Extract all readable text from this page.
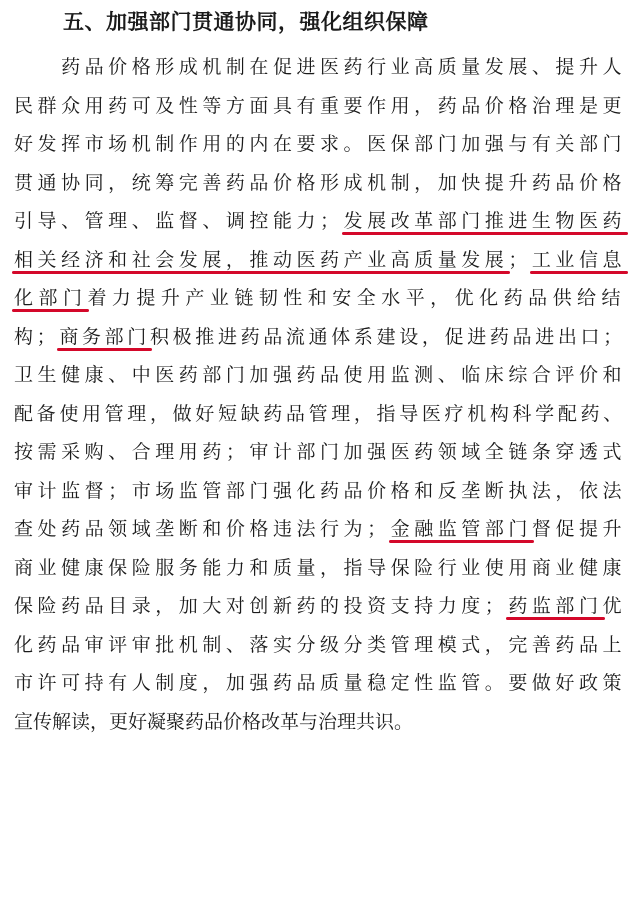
五、加强部门贯通协同，强化组织保障
　　药品价格形成机制在促进医药行业高质量发展、提升人
民群众用药可及性等方面具有重要作用，药品价格治理是更
好发挥市场机制作用的内在要求。医保部门加强与有关部门
贯通协同，统筹完善药品价格形成机制，加快提升药品价格
引导、管理、监督、调控能力；发展改革部门推进生物医药
相关经济和社会发展，推动医药产业高质量发展；工业信息
化部门着力提升产业链韧性和安全水平，优化药品供给结
构；商务部门积极推进药品流通体系建设，促进药品进出口；
卫生健康、中医药部门加强药品使用监测、临床综合评价和
配备使用管理，做好短缺药品管理，指导医疗机构科学配药、
按需采购、合理用药；审计部门加强医药领域全链条穿透式
审计监督；市场监管部门强化药品价格和反垄断执法，依法
查处药品领域垄断和价格违法行为；金融监管部门督促提升
商业健康保险服务能力和质量，指导保险行业使用商业健康
保险药品目录，加大对创新药的投资支持力度；药监部门优
化药品审评审批机制、落实分级分类管理模式，完善药品上
市许可持有人制度，加强药品质量稳定性监管。要做好政策
宣传解读，更好凝聚药品价格改革与治理共识。
